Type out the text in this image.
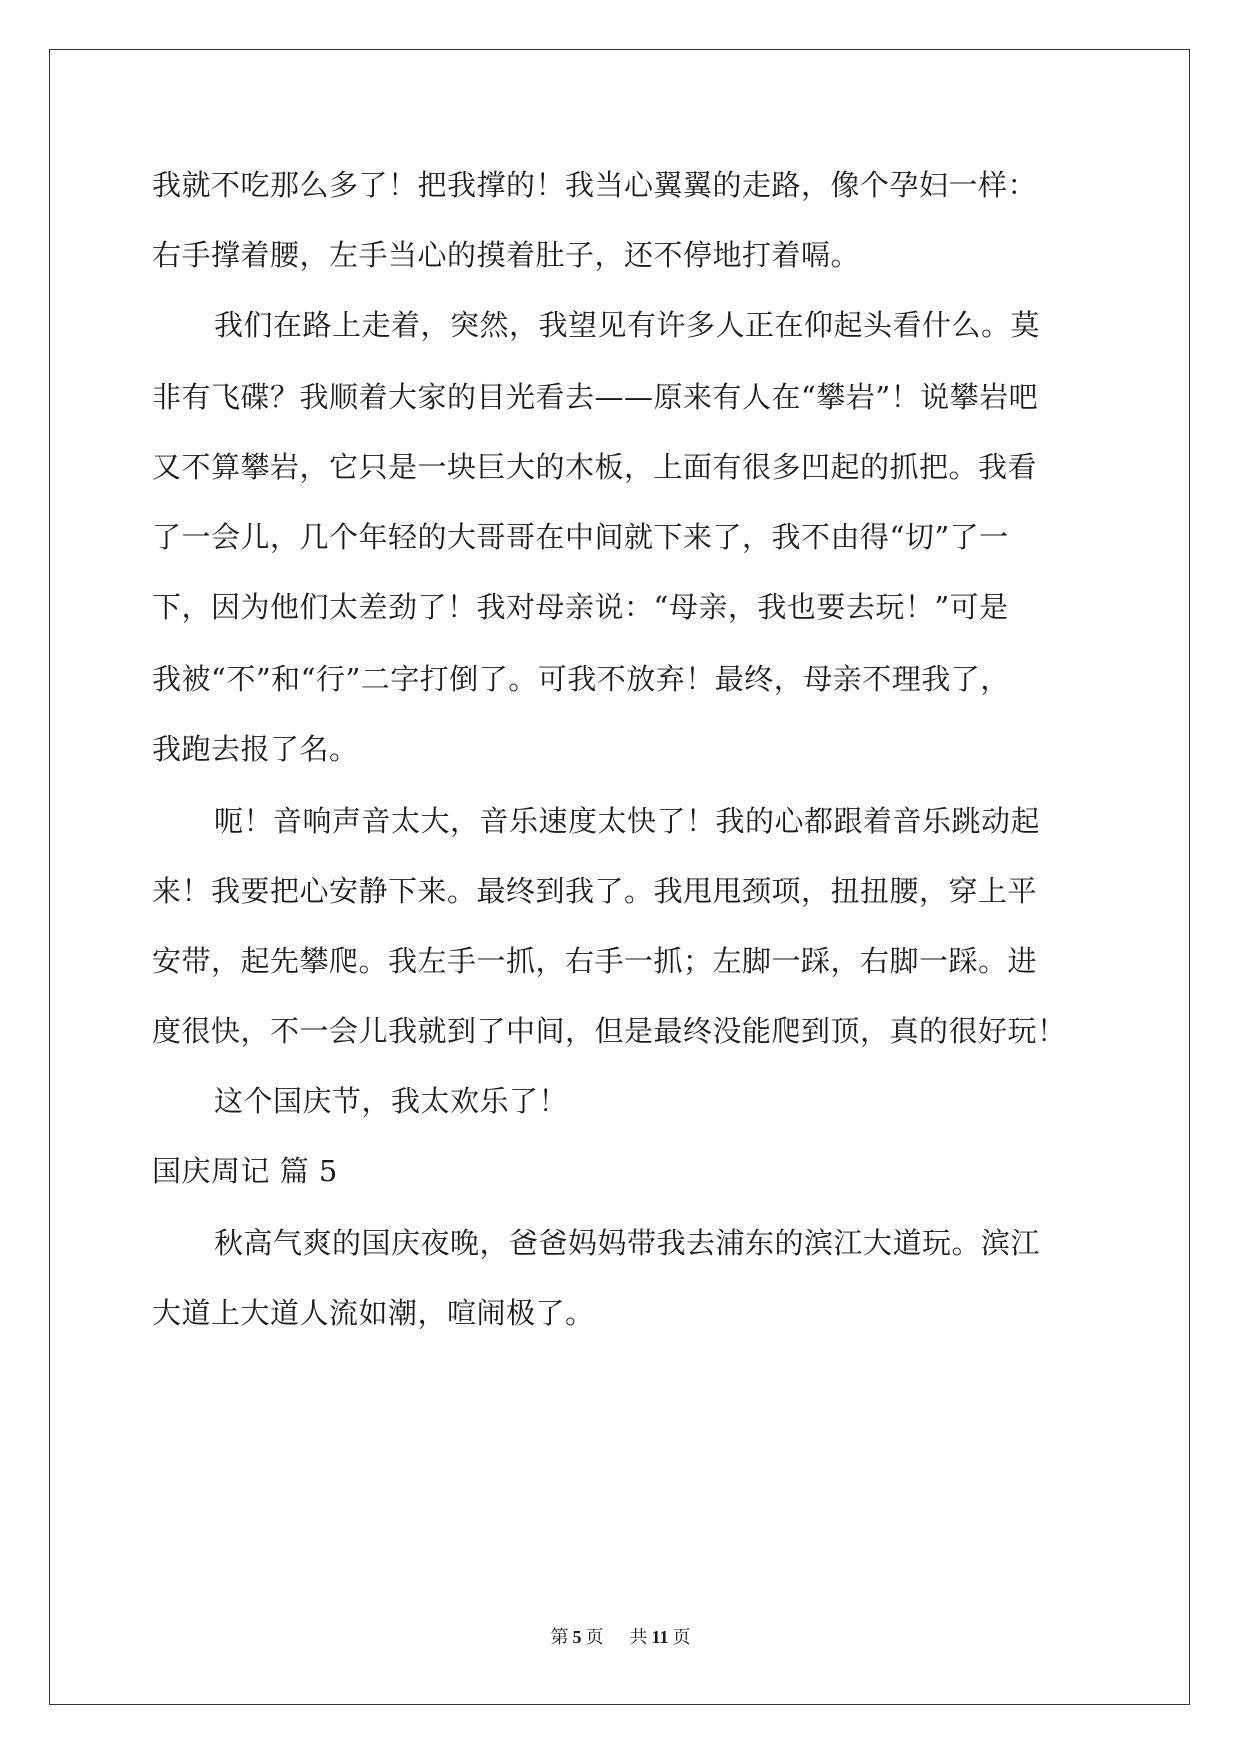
我就不吃那么多了！把我撑的！我当心翼翼的走路，像个孕妇一样：
右手撑着腰，左手当心的摸着肚子，还不停地打着嗝。
我们在路上走着，突然，我望见有许多人正在仰起头看什么。莫
非有飞碟？我顺着大家的目光看去——原来有人在“攀岩”！说攀岩吧
又不算攀岩，它只是一块巨大的木板，上面有很多凹起的抓把。我看
了一会儿，几个年轻的大哥哥在中间就下来了，我不由得“切”了一
下，因为他们太差劲了！我对母亲说：“母亲，我也要去玩！”可是
我被“不”和“行”二字打倒了。可我不放弃！最终，母亲不理我了，
我跑去报了名。
呃！音响声音太大，音乐速度太快了！我的心都跟着音乐跳动起
来！我要把心安静下来。最终到我了。我甩甩颈项，扭扭腰，穿上平
安带，起先攀爬。我左手一抓，右手一抓；左脚一踩，右脚一踩。进
度很快，不一会儿我就到了中间，但是最终没能爬到顶，真的很好玩！
这个国庆节，我太欢乐了！
国庆周记 篇 5
秋高气爽的国庆夜晚，爸爸妈妈带我去浦东的滨江大道玩。滨江
大道上大道人流如潮，喧闹极了。
第 5 页 共 11 页
